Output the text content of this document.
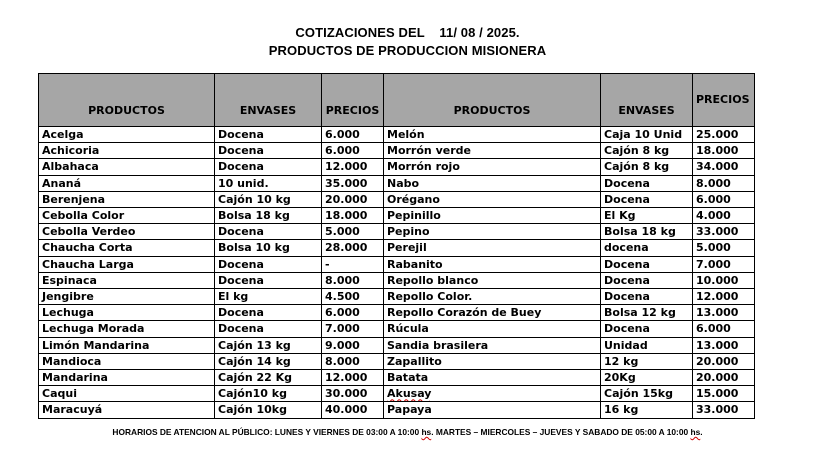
COTIZACIONES DEL    11/ 08 / 2025.
PRODUCTOS DE PRODUCCION MISIONERA
PRODUCTOS	ENVASES	PRECIOS	PRODUCTOS	ENVASES	PRECIOS
Acelga	Docena	6.000	Melón	Caja 10 Unid	25.000
Achicoria	Docena	6.000	Morrón verde	Cajón 8 kg	18.000
Albahaca	Docena	12.000	Morrón rojo	Cajón 8 kg	34.000
Ananá	10 unid.	35.000	Nabo	Docena	8.000
Berenjena	Cajón 10 kg	20.000	Orégano	Docena	6.000
Cebolla Color	Bolsa 18 kg	18.000	Pepinillo	El Kg	4.000
Cebolla Verdeo	Docena	5.000	Pepino	Bolsa 18 kg	33.000
Chaucha Corta	Bolsa 10 kg	28.000	Perejil	docena	5.000
Chaucha Larga	Docena	-	Rabanito	Docena	7.000
Espinaca	Docena	8.000	Repollo blanco	Docena	10.000
Jengibre	El kg	4.500	Repollo Color.	Docena	12.000
Lechuga	Docena	6.000	Repollo Corazón de Buey	Bolsa 12 kg	13.000
Lechuga Morada	Docena	7.000	Rúcula	Docena	6.000
Limón Mandarina	Cajón 13 kg	9.000	Sandia brasilera	Unidad	13.000
Mandioca	Cajón 14 kg	8.000	Zapallito	12 kg	20.000
Mandarina	Cajón 22 Kg	12.000	Batata	20Kg	20.000
Caqui	Cajón10 kg	30.000	Akusay	Cajón 15kg	15.000
Maracuyá	Cajón 10kg	40.000	Papaya	16 kg	33.000
HORARIOS DE ATENCION AL PÚBLICO: LUNES Y VIERNES DE 03:00 A 10:00 hs. MARTES – MIERCOLES – JUEVES Y SABADO DE 05:00 A 10:00 hs.
